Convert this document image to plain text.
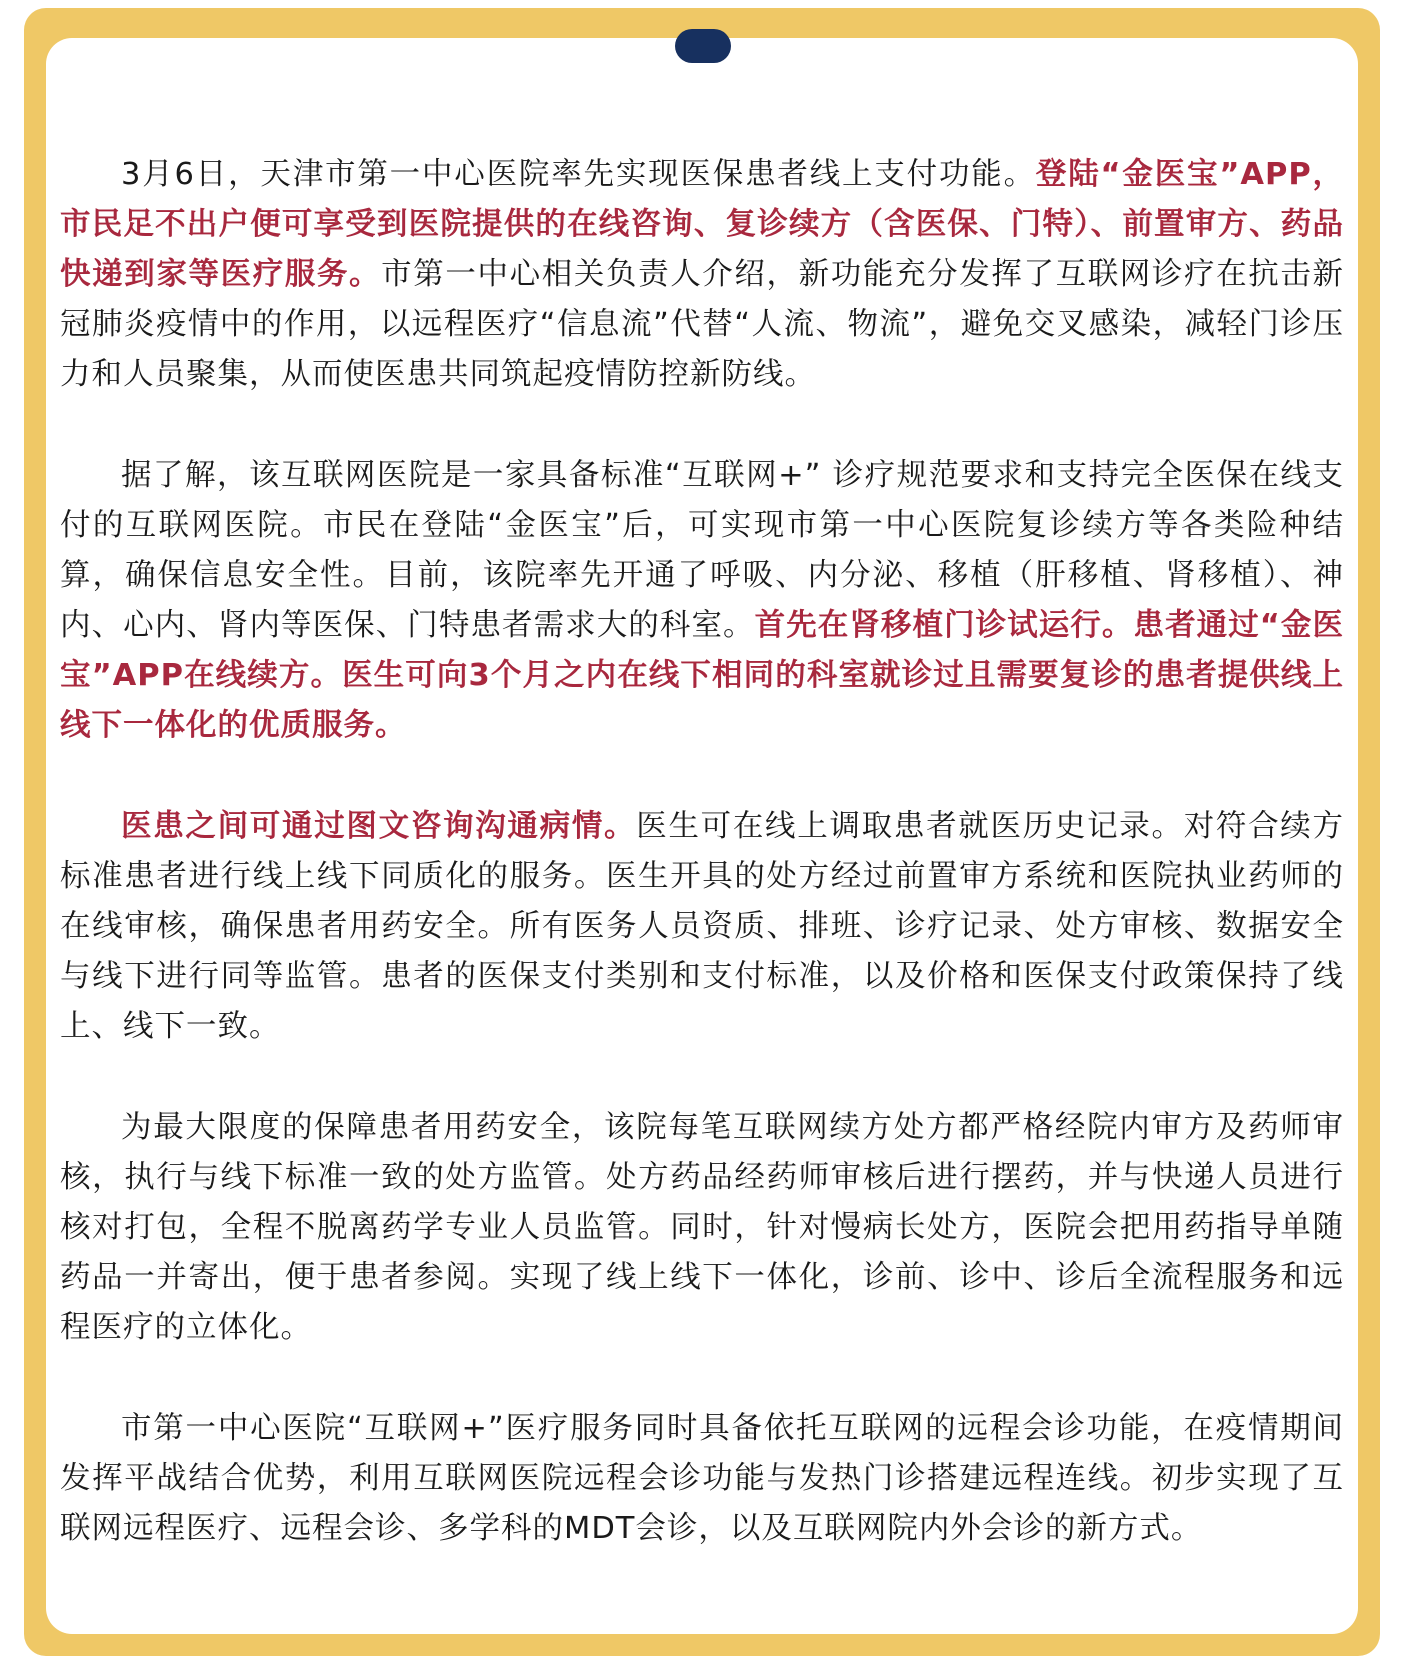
3月6日，天津市第一中心医院率先实现医保患者线上支付功能。登陆“金医宝”APP，市民足不出户便可享受到医院提供的在线咨询、复诊续方（含医保、门特）、前置审方、药品快递到家等医疗服务。市第一中心相关负责人介绍，新功能充分发挥了互联网诊疗在抗击新冠肺炎疫情中的作用，以远程医疗“信息流”代替“人流、物流”，避免交叉感染，减轻门诊压力和人员聚集，从而使医患共同筑起疫情防控新防线。

据了解，该互联网医院是一家具备标准“互联网+” 诊疗规范要求和支持完全医保在线支付的互联网医院。市民在登陆“金医宝”后，可实现市第一中心医院复诊续方等各类险种结算，确保信息安全性。目前，该院率先开通了呼吸、内分泌、移植（肝移植、肾移植）、神内、心内、肾内等医保、门特患者需求大的科室。首先在肾移植门诊试运行。患者通过“金医宝”APP在线续方。医生可向3个月之内在线下相同的科室就诊过且需要复诊的患者提供线上线下一体化的优质服务。

医患之间可通过图文咨询沟通病情。医生可在线上调取患者就医历史记录。对符合续方标准患者进行线上线下同质化的服务。医生开具的处方经过前置审方系统和医院执业药师的在线审核，确保患者用药安全。所有医务人员资质、排班、诊疗记录、处方审核、数据安全与线下进行同等监管。患者的医保支付类别和支付标准，以及价格和医保支付政策保持了线上、线下一致。

为最大限度的保障患者用药安全，该院每笔互联网续方处方都严格经院内审方及药师审核，执行与线下标准一致的处方监管。处方药品经药师审核后进行摆药，并与快递人员进行核对打包，全程不脱离药学专业人员监管。同时，针对慢病长处方，医院会把用药指导单随药品一并寄出，便于患者参阅。实现了线上线下一体化，诊前、诊中、诊后全流程服务和远程医疗的立体化。

市第一中心医院“互联网+”医疗服务同时具备依托互联网的远程会诊功能，在疫情期间发挥平战结合优势，利用互联网医院远程会诊功能与发热门诊搭建远程连线。初步实现了互联网远程医疗、远程会诊、多学科的MDT会诊，以及互联网院内外会诊的新方式。
